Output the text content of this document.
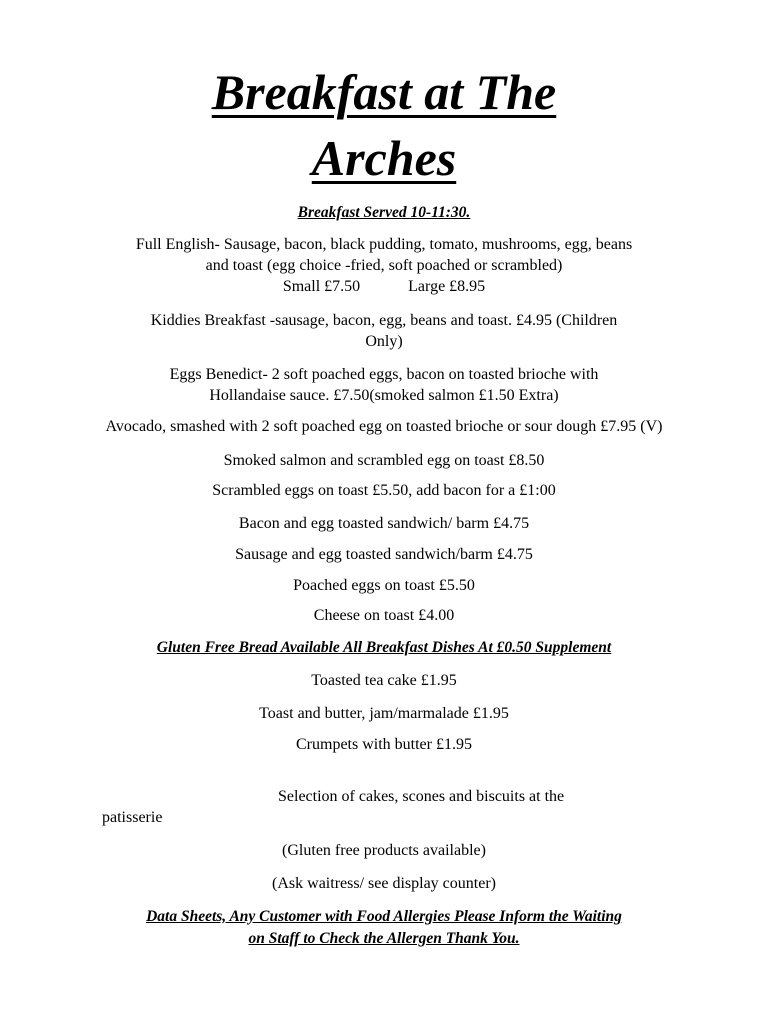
Breakfast at The
Arches
Breakfast Served 10-11:30.
Full English- Sausage, bacon, black pudding, tomato, mushrooms, egg, beans
and toast (egg choice -fried, soft poached or scrambled)
Small £7.50	Large £8.95
Kiddies Breakfast -sausage, bacon, egg, beans and toast. £4.95 (Children
Only)
Eggs Benedict- 2 soft poached eggs, bacon on toasted brioche with
Hollandaise sauce. £7.50(smoked salmon £1.50 Extra)
Avocado, smashed with 2 soft poached egg on toasted brioche or sour dough £7.95 (V)
Smoked salmon and scrambled egg on toast £8.50
Scrambled eggs on toast £5.50, add bacon for a £1:00
Bacon and egg toasted sandwich/ barm £4.75
Sausage and egg toasted sandwich/barm £4.75
Poached eggs on toast £5.50
Cheese on toast £4.00
Gluten Free Bread Available All Breakfast Dishes At £0.50 Supplement
Toasted tea cake £1.95
Toast and butter, jam/marmalade £1.95
Crumpets with butter £1.95
Selection of cakes, scones and biscuits at the
patisserie
(Gluten free products available)
(Ask waitress/ see display counter)
Data Sheets, Any Customer with Food Allergies Please Inform the Waiting
on Staff to Check the Allergen Thank You.
